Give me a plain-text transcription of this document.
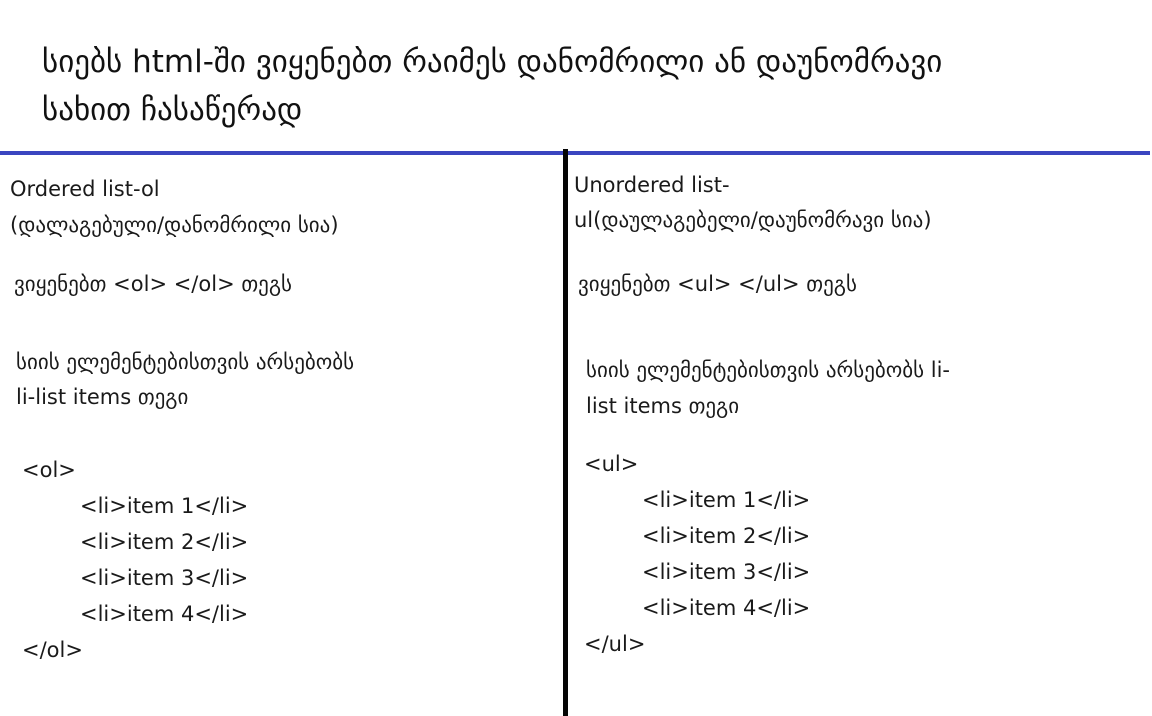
სიებს html-ში ვიყენებთ რაიმეს დანომრილი ან დაუნომრავი
სახით ჩასაწერად
Ordered list-ol
(დალაგებული/დანომრილი სია)
ვიყენებთ <ol> </ol> თეგს
სიის ელემენტებისთვის არსებობს
li-list items თეგი
<ol>
<li>item 1</li>
<li>item 2</li>
<li>item 3</li>
<li>item 4</li>
</ol>
Unordered list-
ul(დაულაგებელი/დაუნომრავი სია)
ვიყენებთ <ul> </ul> თეგს
სიის ელემენტებისთვის არსებობს li-
list items თეგი
<ul>
<li>item 1</li>
<li>item 2</li>
<li>item 3</li>
<li>item 4</li>
</ul>
